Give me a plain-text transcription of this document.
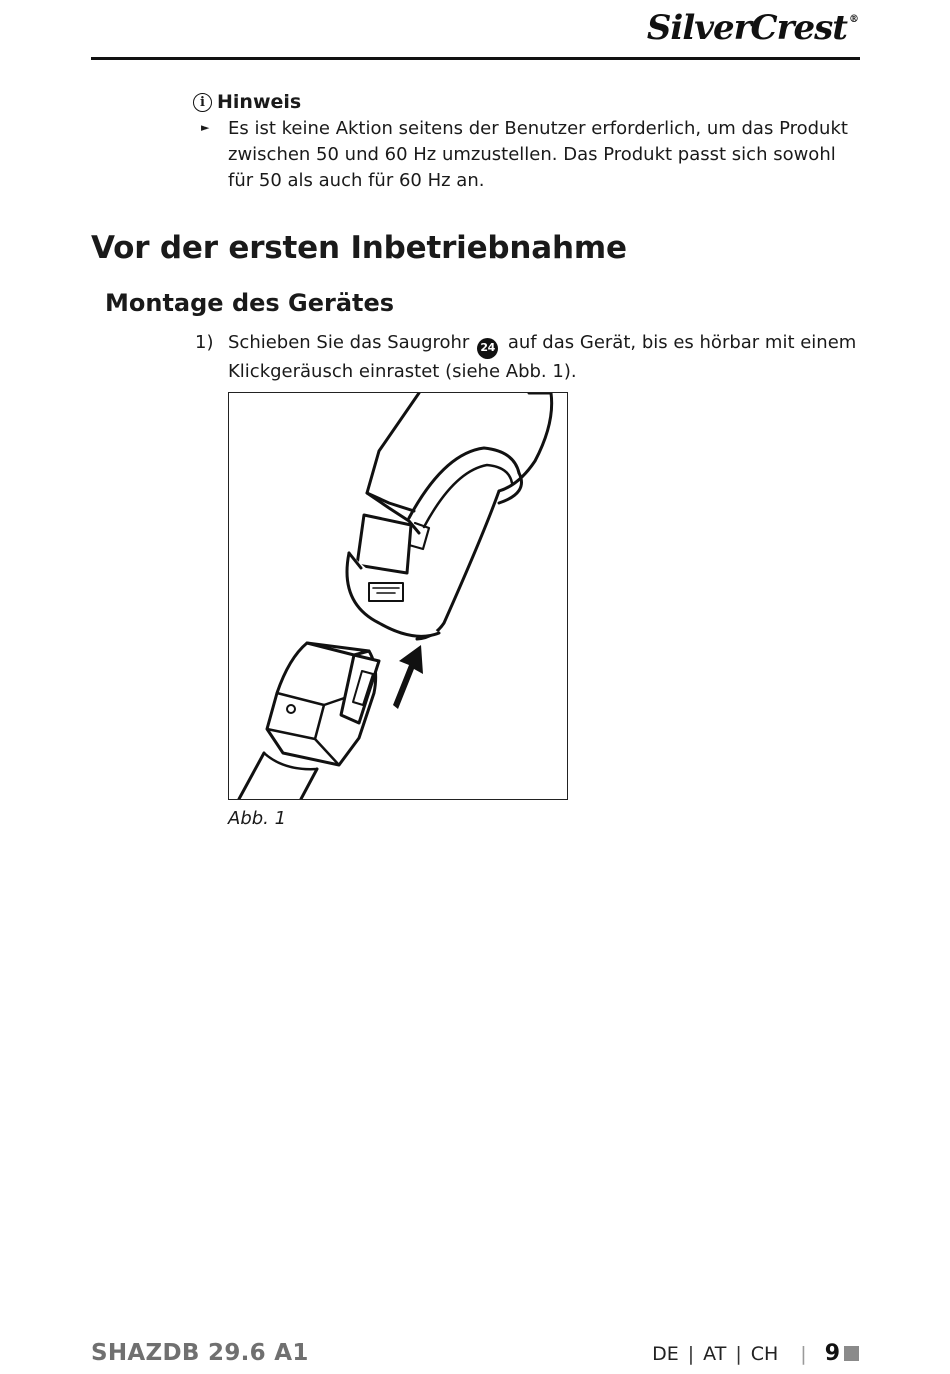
SilverCrest ®
i Hinweis
► Es ist keine Aktion seitens der Benutzer erforderlich, um das Produkt zwischen 50 und 60 Hz umzustellen. Das Produkt passt sich sowohl für 50 als auch für 60 Hz an.
Vor der ersten Inbetriebnahme
Montage des Gerätes
1) Schieben Sie das Saugrohr 24 auf das Gerät, bis es hörbar mit einem Klickgeräusch einrastet (siehe Abb. 1).
Abb. 1
SHAZDB 29.6 A1	DE | AT | CH | 9
